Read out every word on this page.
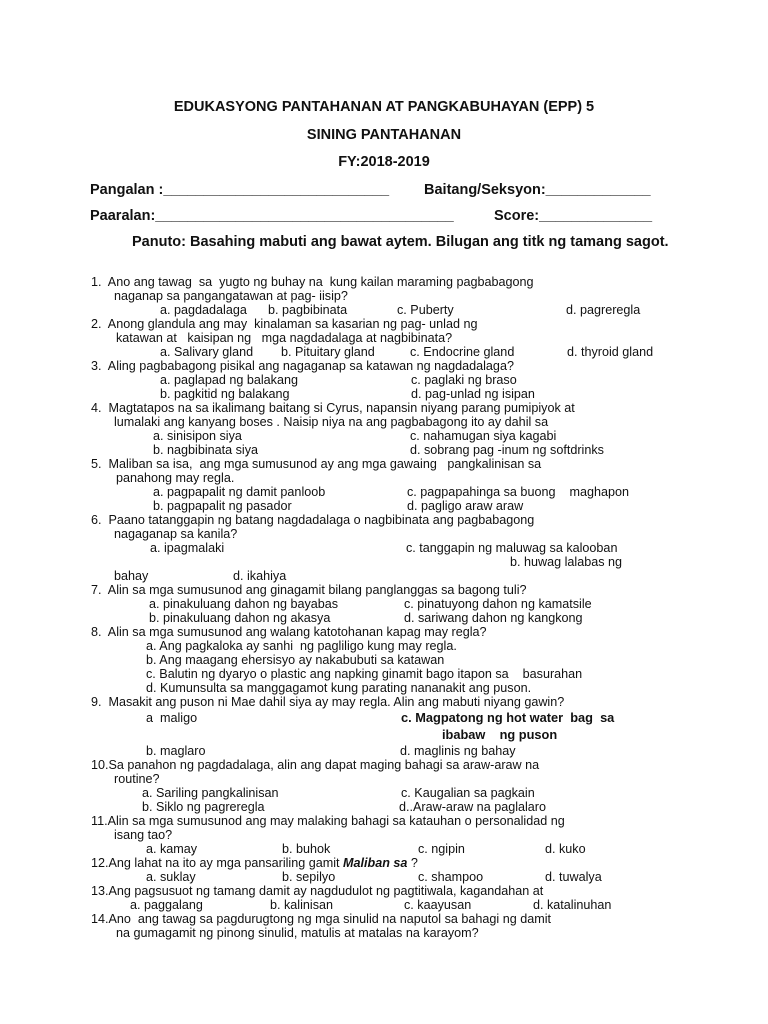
EDUKASYONG PANTAHANAN AT PANGKABUHAYAN (EPP) 5
SINING PANTAHANAN
FY:2018-2019
Pangalan :____________________________ Baitang/Seksyon:_____________
Paaralan:_____________________________________	Score:______________
Panuto: Basahing mabuti ang bawat aytem. Bilugan ang titk ng tamang sagot.
1.  Ano ang tawag  sa  yugto ng buhay na  kung kailan maraming pagbabagong
naganap sa pangangatawan at pag- iisip?
a. pagdadalaga b. pagbibinata	c. Puberty	d. pagreregla
2.  Anong glandula ang may  kinalaman sa kasarian ng pag- unlad ng
katawan at   kaisipan ng   mga nagdadalaga at nagbibinata?
a. Salivary gland b. Pituitary gland	c. Endocrine gland	d. thyroid gland
3.  Aling pagbabagong pisikal ang nagaganap sa katawan ng nagdadalaga?
a. paglapad ng balakang	c. paglaki ng braso
b. pagkitid ng balakang	d. pag-unlad ng isipan
4.  Magtatapos na sa ikalimang baitang si Cyrus, napansin niyang parang pumipiyok at
lumalaki ang kanyang boses . Naisip niya na ang pagbabagong ito ay dahil sa
a. sinisipon siya	c. nahamugan siya kagabi
b. nagbibinata siya	d. sobrang pag -inum ng softdrinks
5.  Maliban sa isa,  ang mga sumusunod ay ang mga gawaing   pangkalinisan sa
panahong may regla.
a. pagpapalit ng damit panloob	c. pagpapahinga sa buong    maghapon
b. pagpapalit ng pasador	d. pagligo araw araw
6.  Paano tatanggapin ng batang nagdadalaga o nagbibinata ang pagbabagong
nagaganap sa kanila?
a. ipagmalaki	c. tanggapin ng maluwag sa kalooban
b. huwag lalabas ng
bahay	d. ikahiya
7.  Alin sa mga sumusunod ang ginagamit bilang panglanggas sa bagong tuli?
a. pinakuluang dahon ng bayabas	c. pinatuyong dahon ng kamatsile
b. pinakuluang dahon ng akasya	d. sariwang dahon ng kangkong
8.  Alin sa mga sumusunod ang walang katotohanan kapag may regla?
a. Ang pagkaloka ay sanhi  ng pagliligo kung may regla.
b. Ang maagang ehersisyo ay nakabubuti sa katawan
c. Balutin ng dyaryo o plastic ang napking ginamit bago itapon sa    basurahan
d. Kumunsulta sa manggagamot kung parating nananakit ang puson.
9.  Masakit ang puson ni Mae dahil siya ay may regla. Alin ang mabuti niyang gawin?
a  maligo	c. Magpatong ng hot water  bag  sa
ibabaw    ng puson
b. maglaro	d. maglinis ng bahay
10.Sa panahon ng pagdadalaga, alin ang dapat maging bahagi sa araw-araw na
routine?
a. Sariling pangkalinisan	c. Kaugalian sa pagkain
b. Siklo ng pagreregla	d..Araw-araw na paglalaro
11.Alin sa mga sumusunod ang may malaking bahagi sa katauhan o personalidad ng
isang tao?
a. kamay	b. buhok	c. ngipin	d. kuko
12.Ang lahat na ito ay mga pansariling gamit Maliban sa ?
a. suklay	b. sepilyo	c. shampoo	d. tuwalya
13.Ang pagsusuot ng tamang damit ay nagdudulot ng pagtitiwala, kagandahan at
a. paggalang	b. kalinisan	c. kaayusan	d. katalinuhan
14.Ano  ang tawag sa pagdurugtong ng mga sinulid na naputol sa bahagi ng damit
na gumagamit ng pinong sinulid, matulis at matalas na karayom?
